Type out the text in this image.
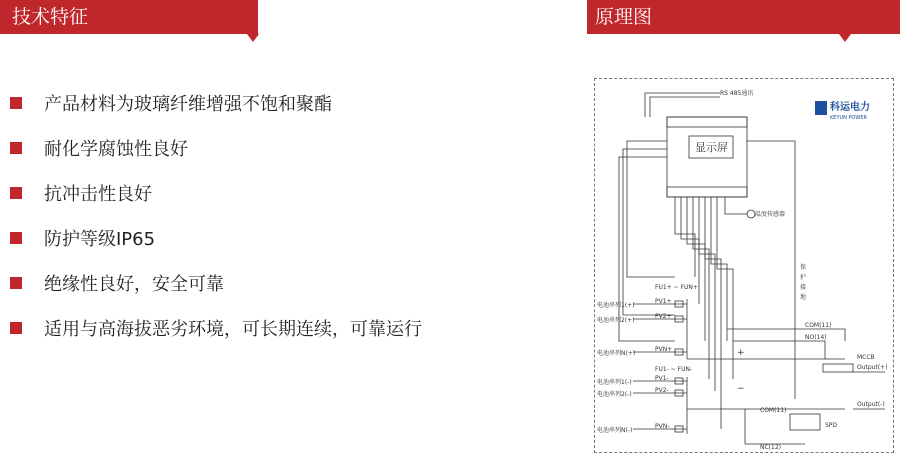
技术特征	原理图
产品材料为玻璃纤维增强不饱和聚酯
耐化学腐蚀性良好
抗冲击性良好
防护等级IP65
绝缘性良好，安全可靠
适用与高海拔恶劣环境，可长期连续，可靠运行
RS 485通讯
显示屏
温度传感器
保
护
接
地
FU1+ ~ FUN+
FU1- ~ FUN-
PV1+
PV2+
PVN+
PV1-
PV2-
PVN-
电池串列1(+)
电池串列2(+)
电池串列N(+)
电池串列1(-)
电池串列2(-)
电池串列N(-)
COM(11)
NO(14)
MCCB
Output(+)
Output(-)
COM(11)
NC(12)
SPD
+
−
科运电力
KEYUN POWER
